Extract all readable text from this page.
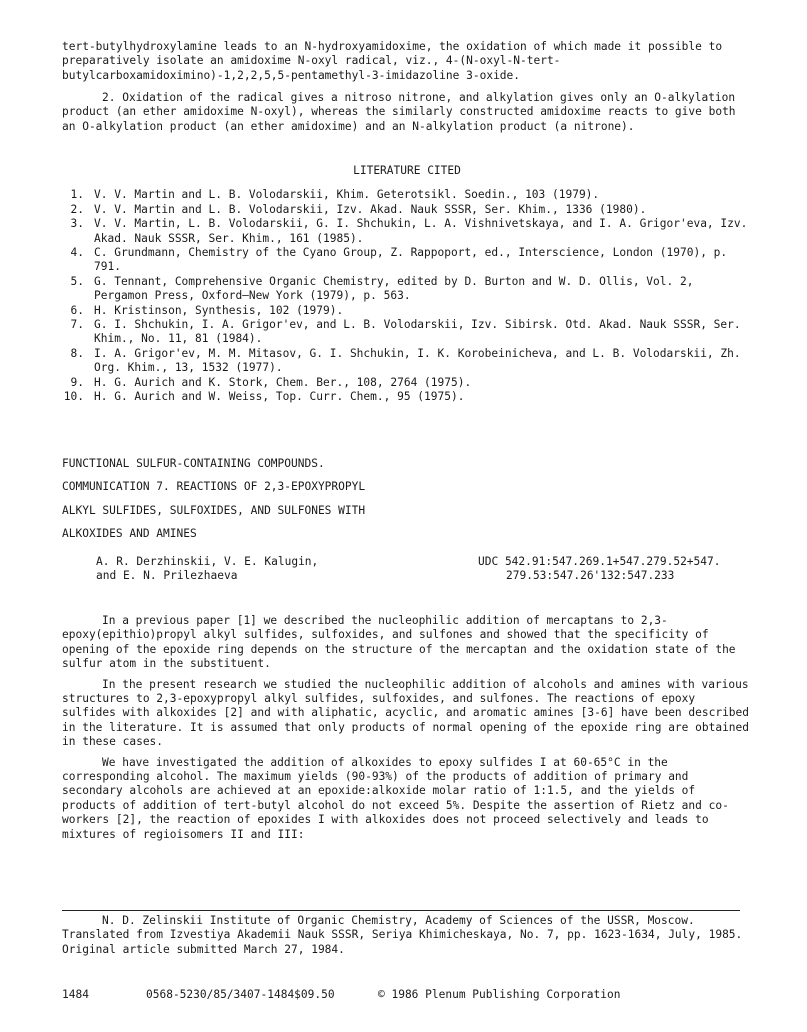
tert-butylhydroxylamine leads to an N-hydroxyamidoxime, the oxidation of which made it possible to preparatively isolate an amidoxime N-oxyl radical, viz., 4-(N-oxyl-N-tert-butylcarboxamidoximino)-1,2,2,5,5-pentamethyl-3-imidazoline 3-oxide.

2. Oxidation of the radical gives a nitroso nitrone, and alkylation gives only an O-alkylation product (an ether amidoxime N-oxyl), whereas the similarly constructed amidoxime reacts to give both an O-alkylation product (an ether amidoxime) and an N-alkylation product (a nitrone).

LITERATURE CITED

1. V. V. Martin and L. B. Volodarskii, Khim. Geterotsikl. Soedin., 103 (1979).
2. V. V. Martin and L. B. Volodarskii, Izv. Akad. Nauk SSSR, Ser. Khim., 1336 (1980).
3. V. V. Martin, L. B. Volodarskii, G. I. Shchukin, L. A. Vishnivetskaya, and I. A. Grigor'eva, Izv. Akad. Nauk SSSR, Ser. Khim., 161 (1985).
4. C. Grundmann, Chemistry of the Cyano Group, Z. Rappoport, ed., Interscience, London (1970), p. 791.
5. G. Tennant, Comprehensive Organic Chemistry, edited by D. Burton and W. D. Ollis, Vol. 2, Pergamon Press, Oxford—New York (1979), p. 563.
6. H. Kristinson, Synthesis, 102 (1979).
7. G. I. Shchukin, I. A. Grigor'ev, and L. B. Volodarskii, Izv. Sibirsk. Otd. Akad. Nauk SSSR, Ser. Khim., No. 11, 81 (1984).
8. I. A. Grigor'ev, M. M. Mitasov, G. I. Shchukin, I. K. Korobeinicheva, and L. B. Volodarskii, Zh. Org. Khim., 13, 1532 (1977).
9. H. G. Aurich and K. Stork, Chem. Ber., 108, 2764 (1975).
10. H. G. Aurich and W. Weiss, Top. Curr. Chem., 95 (1975).

FUNCTIONAL SULFUR-CONTAINING COMPOUNDS.

COMMUNICATION 7. REACTIONS OF 2,3-EPOXYPROPYL

ALKYL SULFIDES, SULFOXIDES, AND SULFONES WITH

ALKOXIDES AND AMINES

A. R. Derzhinskii, V. E. Kalugin,

and E. N. Prilezhaeva

UDC 542.91:547.269.1+547.279.52+547.

279.53:547.26'132:547.233

In a previous paper [1] we described the nucleophilic addition of mercaptans to 2,3-epoxy(epithio)propyl alkyl sulfides, sulfoxides, and sulfones and showed that the specificity of opening of the epoxide ring depends on the structure of the mercaptan and the oxidation state of the sulfur atom in the substituent.

In the present research we studied the nucleophilic addition of alcohols and amines with various structures to 2,3-epoxypropyl alkyl sulfides, sulfoxides, and sulfones. The reactions of epoxy sulfides with alkoxides [2] and with aliphatic, acyclic, and aromatic amines [3-6] have been described in the literature. It is assumed that only products of normal opening of the epoxide ring are obtained in these cases.

We have investigated the addition of alkoxides to epoxy sulfides I at 60-65°C in the corresponding alcohol. The maximum yields (90-93%) of the products of addition of primary and secondary alcohols are achieved at an epoxide:alkoxide molar ratio of 1:1.5, and the yields of products of addition of tert-butyl alcohol do not exceed 5%. Despite the assertion of Rietz and co-workers [2], the reaction of epoxides I with alkoxides does not proceed selectively and leads to mixtures of regioisomers II and III:

N. D. Zelinskii Institute of Organic Chemistry, Academy of Sciences of the USSR, Moscow. Translated from Izvestiya Akademii Nauk SSSR, Seriya Khimicheskaya, No. 7, pp. 1623-1634, July, 1985. Original article submitted March 27, 1984.

1484	0568-5230/85/3407-1484$09.50	© 1986 Plenum Publishing Corporation
